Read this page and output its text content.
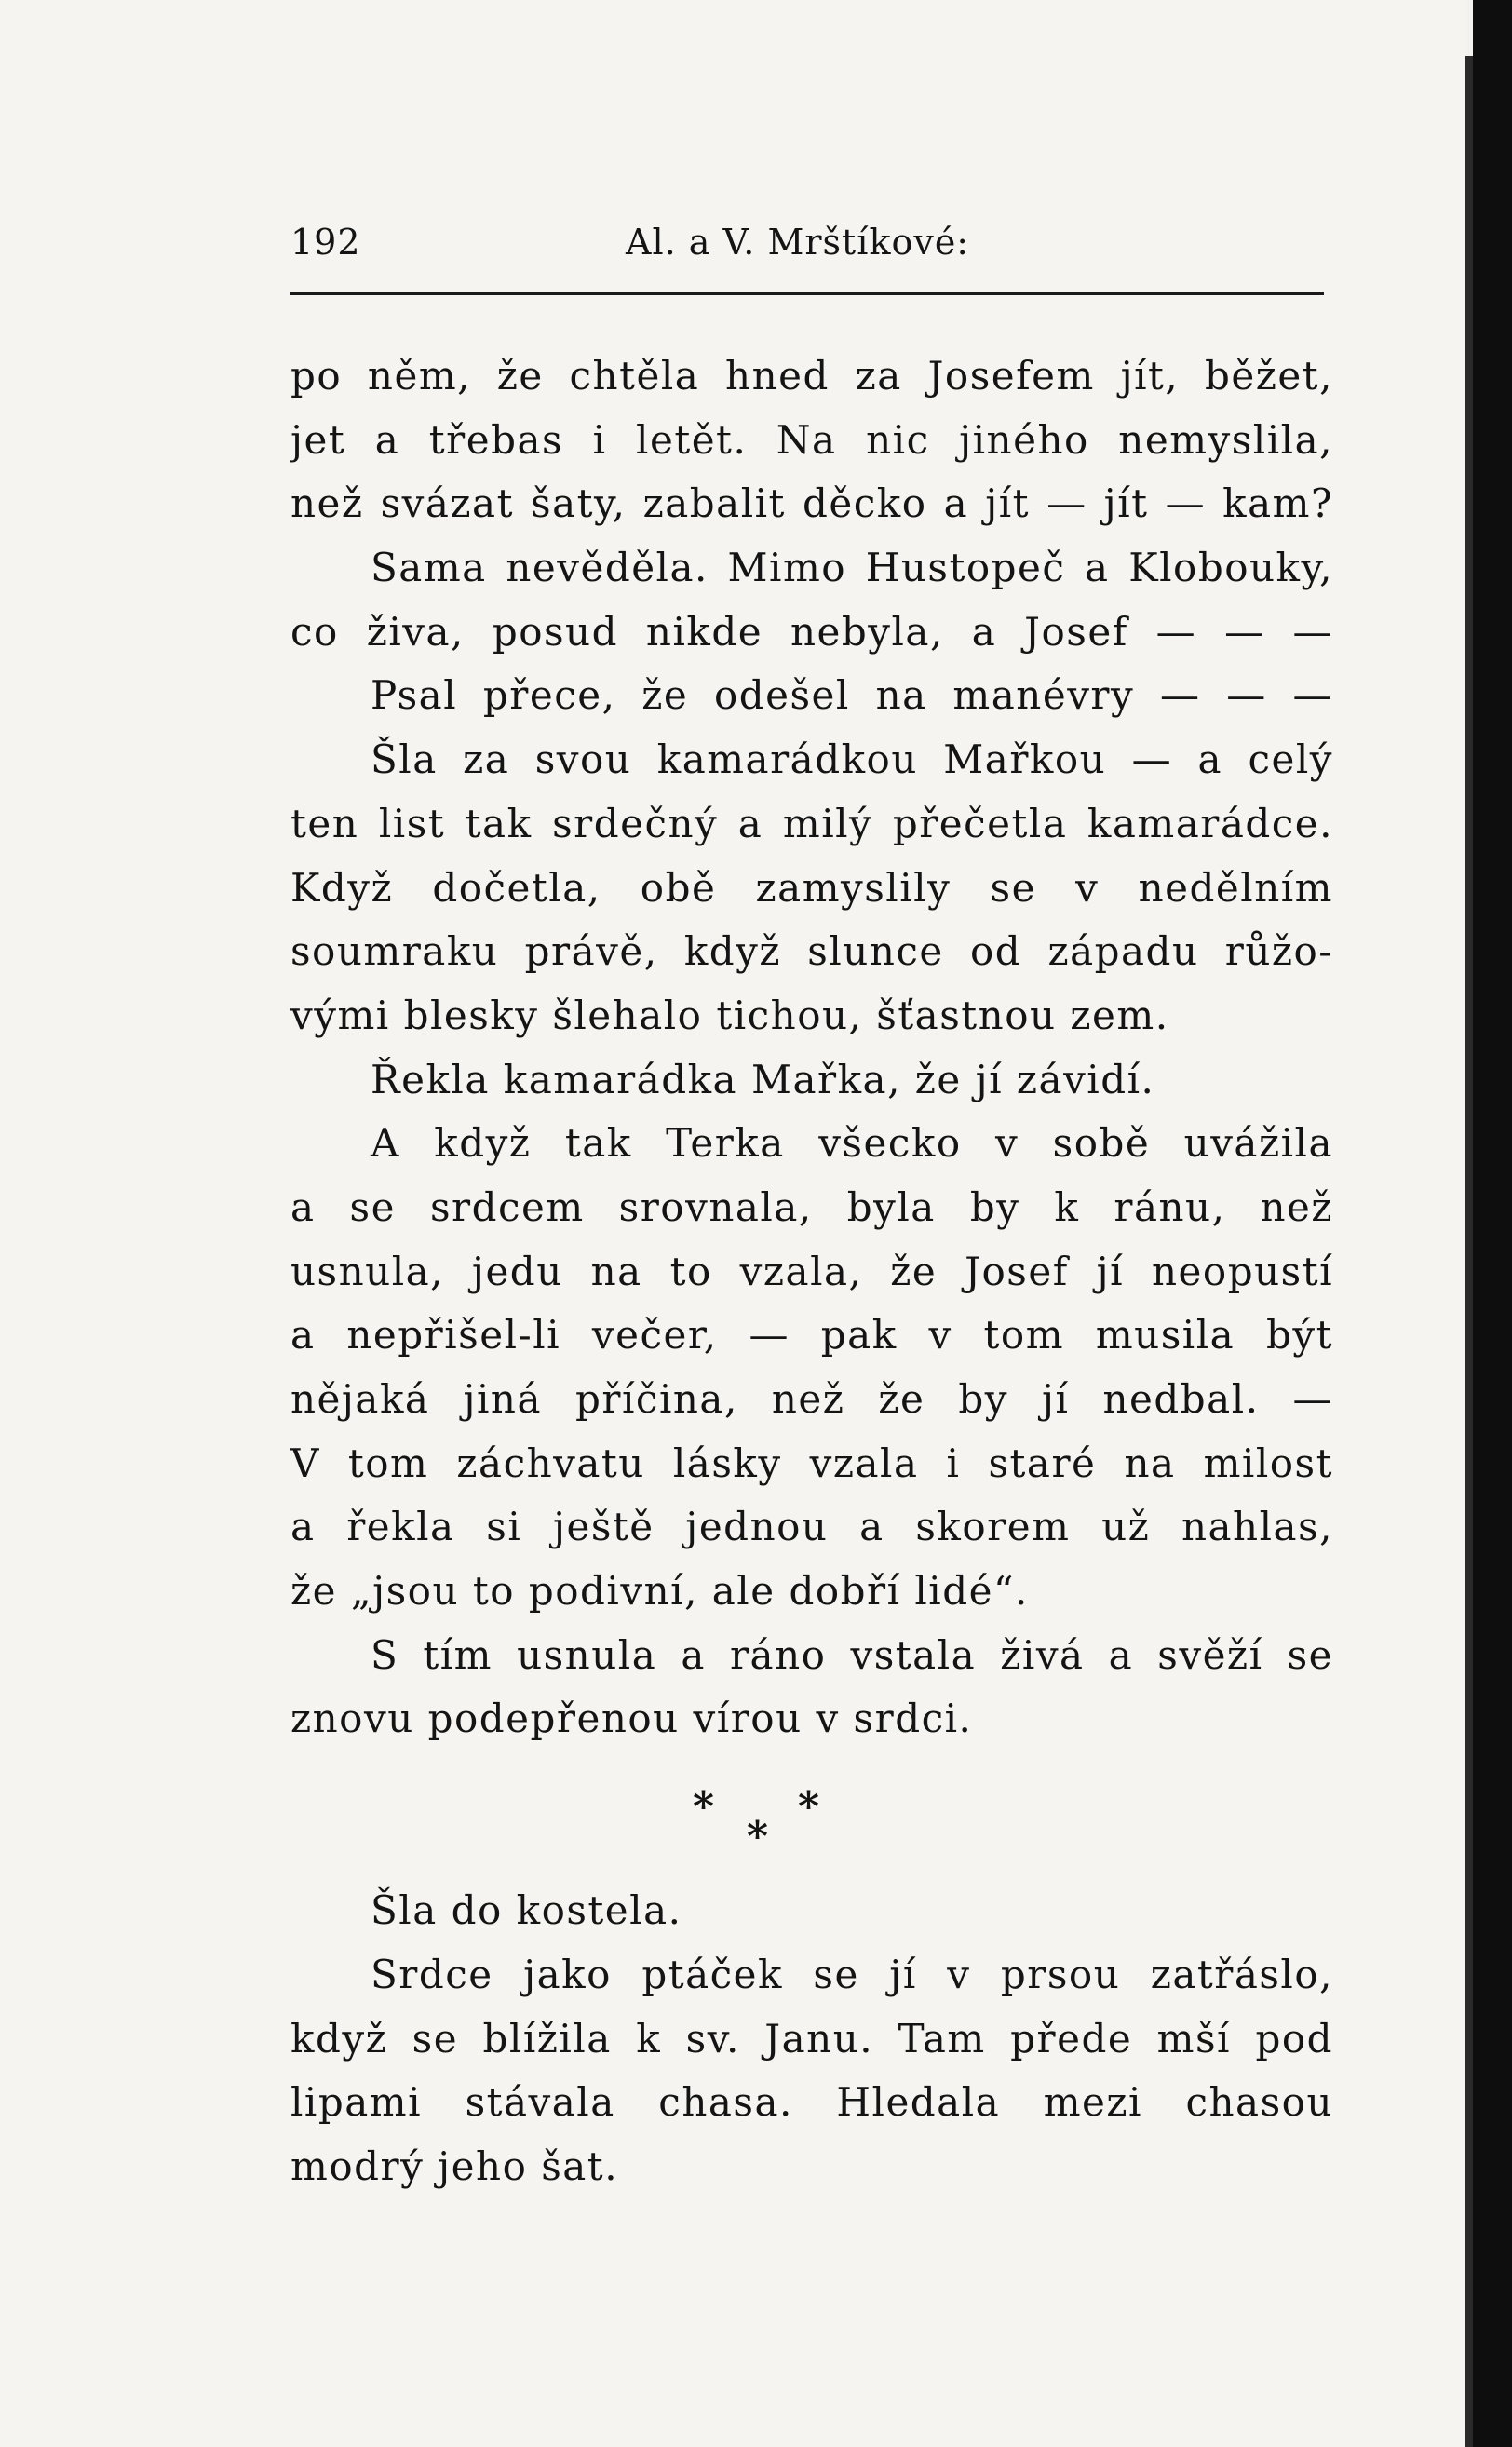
192	Al. a V. Mrštíkové:
po něm, že chtěla hned za Josefem jít, běžet,
jet a třebas i letět. Na nic jiného nemyslila,
než svázat šaty, zabalit děcko a jít — jít — kam?
Sama nevěděla. Mimo Hustopeč a Klobouky,
co živa, posud nikde nebyla, a Josef — — —
Psal přece, že odešel na manévry — — —
Šla za svou kamarádkou Mařkou — a celý
ten list tak srdečný a milý přečetla kamarádce.
Když dočetla, obě zamyslily se v nedělním
soumraku právě, když slunce od západu růžo-
vými blesky šlehalo tichou, šťastnou zem.
Řekla kamarádka Mařka, že jí závidí.
A když tak Terka všecko v sobě uvážila
a se srdcem srovnala, byla by k ránu, než
usnula, jedu na to vzala, že Josef jí neopustí
a nepřišel-li večer, — pak v tom musila být
nějaká jiná příčina, než že by jí nedbal. —
V tom záchvatu lásky vzala i staré na milost
a řekla si ještě jednou a skorem už nahlas,
že „jsou to podivní, ale dobří lidé“.
S tím usnula a ráno vstala živá a svěží se
znovu podepřenou vírou v srdci.
* *
*
Šla do kostela.
Srdce jako ptáček se jí v prsou zatřáslo,
když se blížila k sv. Janu. Tam přede mší pod
lipami stávala chasa. Hledala mezi chasou
modrý jeho šat.
